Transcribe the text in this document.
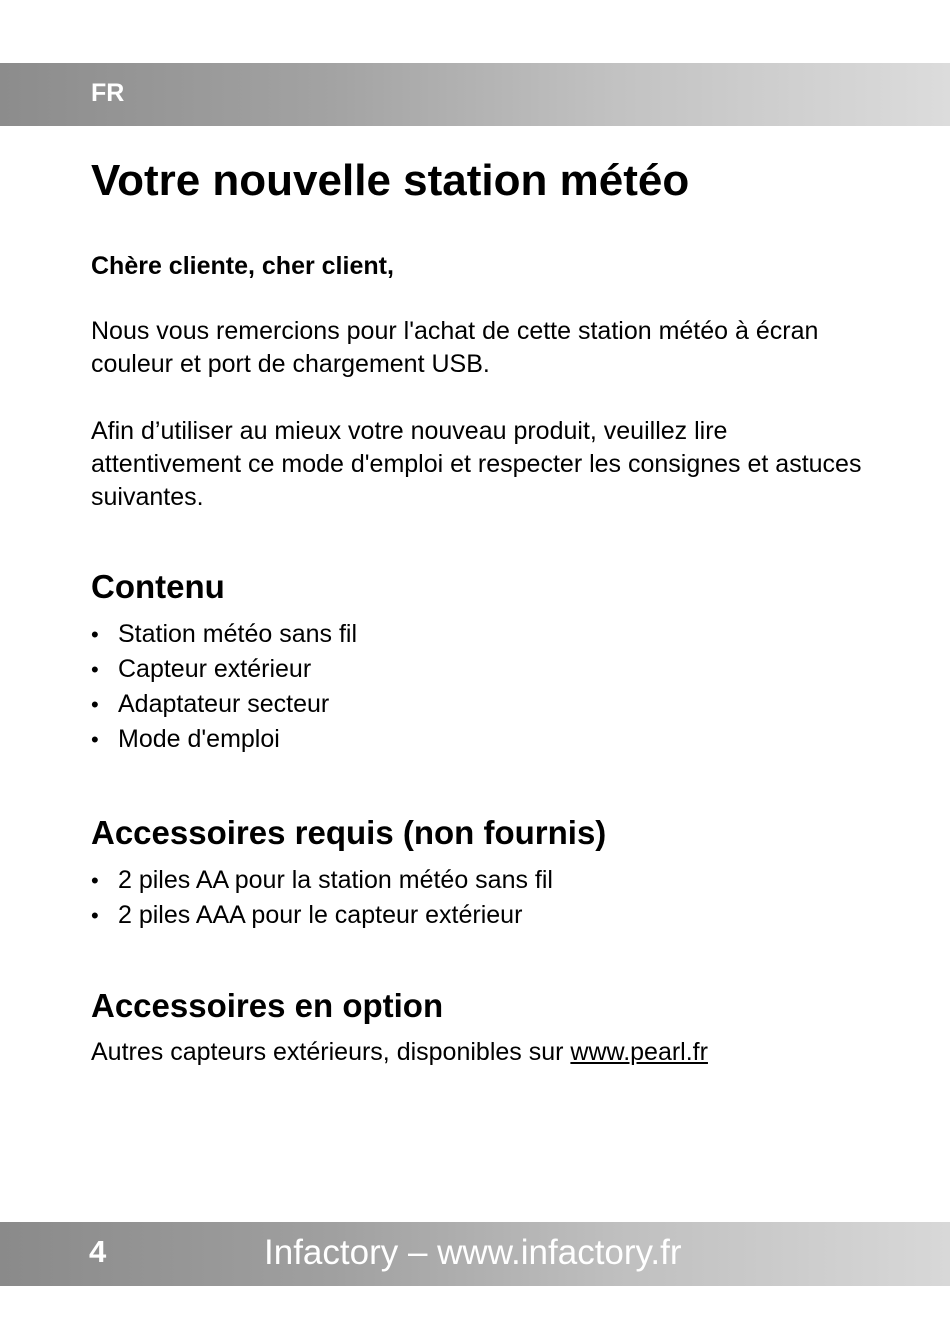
FR
Votre nouvelle station météo

Chère cliente, cher client,

Nous vous remercions pour l'achat de cette station météo à écran couleur et port de chargement USB.

Afin d’utiliser au mieux votre nouveau produit, veuillez lire attentivement ce mode d'emploi et respecter les consignes et astuces suivantes.

Contenu
• Station météo sans fil
• Capteur extérieur
• Adaptateur secteur
• Mode d'emploi
Accessoires requis (non fournis)
• 2 piles AA pour la station météo sans fil
• 2 piles AAA pour le capteur extérieur
Accessoires en option

Autres capteurs extérieurs, disponibles sur www.pearl.fr

4	Infactory – www.infactory.fr
